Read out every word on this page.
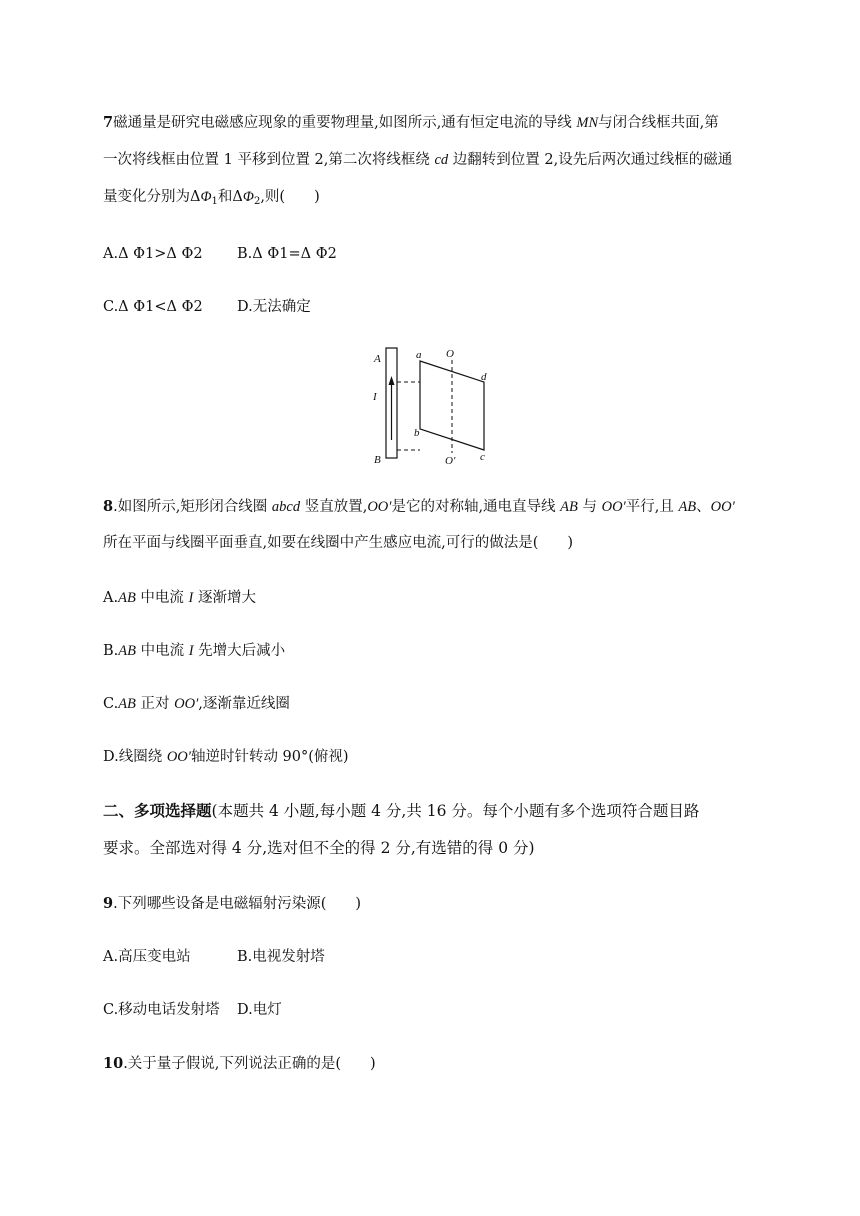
7磁通量是研究电磁感应现象的重要物理量,如图所示,通有恒定电流的导线 MN与闭合线框共面,第
一次将线框由位置 1 平移到位置 2,第二次将线框绕 cd 边翻转到位置 2,设先后两次通过线框的磁通
量变化分别为$\Delta\Phi_1$和$\Delta\Phi_2$,则(　　)
A.Δ Φ1>Δ Φ2 B.Δ Φ1=Δ Φ2
C.Δ Φ1<Δ Φ2 D.无法确定
A
I
B
a O
d
b
c
O′
8.如图所示,矩形闭合线圈 abcd 竖直放置,OO′是它的对称轴,通电直导线 AB 与 OO′平行,且 AB、OO′
所在平面与线圈平面垂直,如要在线圈中产生感应电流,可行的做法是(　　)
A.AB 中电流 I 逐渐增大
B.AB 中电流 I 先增大后减小
C.AB 正对 OO′,逐渐靠近线圈
D.线圈绕 OO′轴逆时针转动 90°(俯视)
二、多项选择题(本题共 4 小题,每小题 4 分,共 16 分。每个小题有多个选项符合题目路
要求。全部选对得 4 分,选对但不全的得 2 分,有选错的得 0 分)
9.下列哪些设备是电磁辐射污染源(　　)
A.高压变电站	B.电视发射塔
C.移动电话发射塔 D.电灯
10.关于量子假说,下列说法正确的是(　　)
